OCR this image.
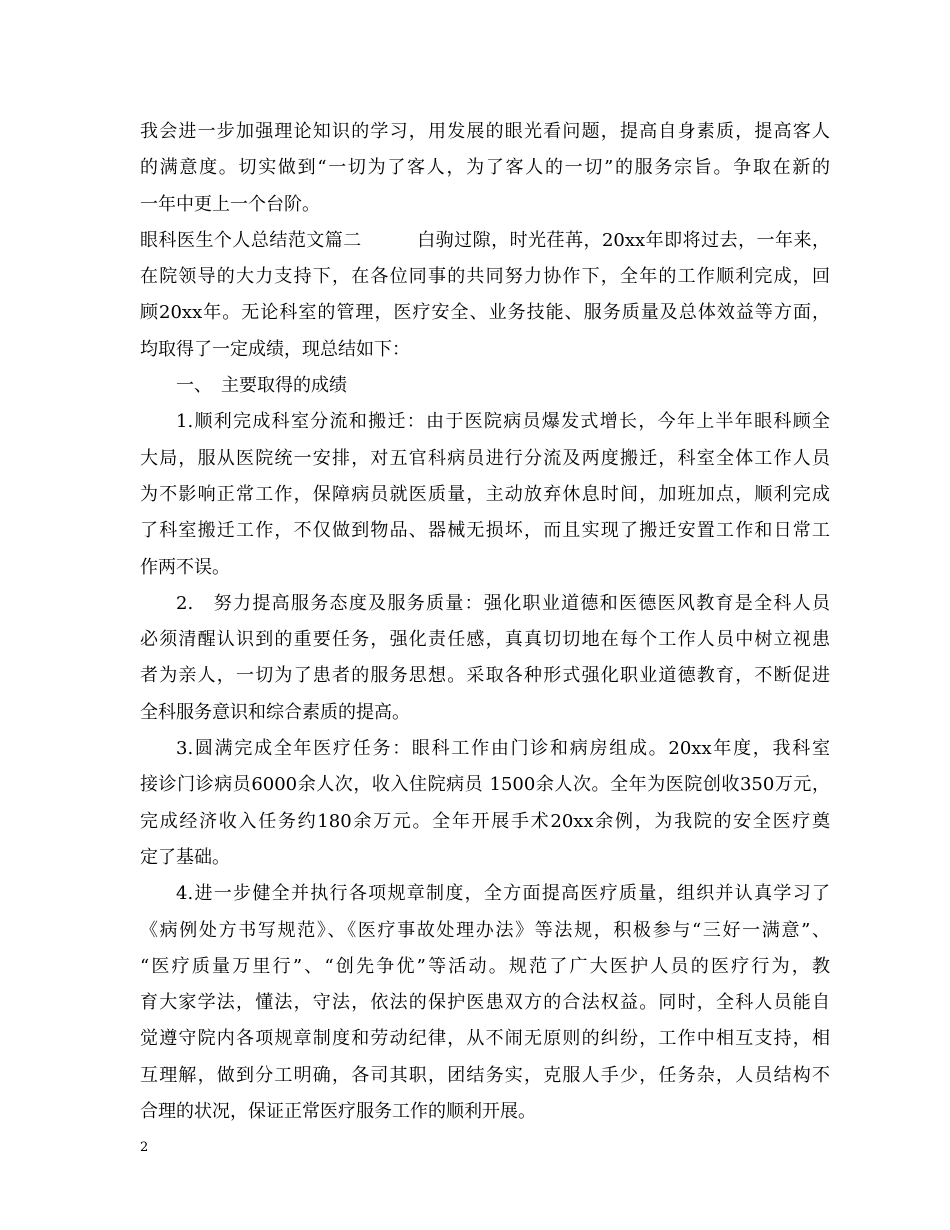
我会进一步加强理论知识的学习，用发展的眼光看问题，提高自身素质，提高客人
的满意度。切实做到“一切为了客人，为了客人的一切”的服务宗旨。争取在新的
一年中更上一个台阶。
眼科医生个人总结范文篇二　　　白驹过隙，时光荏苒，20xx年即将过去，一年来，
在院领导的大力支持下，在各位同事的共同努力协作下，全年的工作顺利完成，回
顾20xx年。无论科室的管理，医疗安全、业务技能、服务质量及总体效益等方面，
均取得了一定成绩，现总结如下：
一、　主要取得的成绩
1.顺利完成科室分流和搬迁：由于医院病员爆发式增长，今年上半年眼科顾全
大局，服从医院统一安排，对五官科病员进行分流及两度搬迁，科室全体工作人员
为不影响正常工作，保障病员就医质量，主动放弃休息时间，加班加点，顺利完成
了科室搬迁工作，不仅做到物品、器械无损坏，而且实现了搬迁安置工作和日常工
作两不误。
2.　努力提高服务态度及服务质量：强化职业道德和医德医风教育是全科人员
必须清醒认识到的重要任务，强化责任感，真真切切地在每个工作人员中树立视患
者为亲人，一切为了患者的服务思想。采取各种形式强化职业道德教育，不断促进
全科服务意识和综合素质的提高。
3.圆满完成全年医疗任务：眼科工作由门诊和病房组成。20xx年度，我科室
接诊门诊病员6000余人次，收入住院病员 1500余人次。全年为医院创收350万元，
完成经济收入任务约180余万元。全年开展手术20xx余例，为我院的安全医疗奠
定了基础。
4.进一步健全并执行各项规章制度，全方面提高医疗质量，组织并认真学习了
《病例处方书写规范》、《医疗事故处理办法》等法规，积极参与“三好一满意”、
“医疗质量万里行”、“创先争优”等活动。规范了广大医护人员的医疗行为，教
育大家学法，懂法，守法，依法的保护医患双方的合法权益。同时，全科人员能自
觉遵守院内各项规章制度和劳动纪律，从不闹无原则的纠纷，工作中相互支持，相
互理解，做到分工明确，各司其职，团结务实，克服人手少，任务杂，人员结构不
合理的状况，保证正常医疗服务工作的顺利开展。
2
